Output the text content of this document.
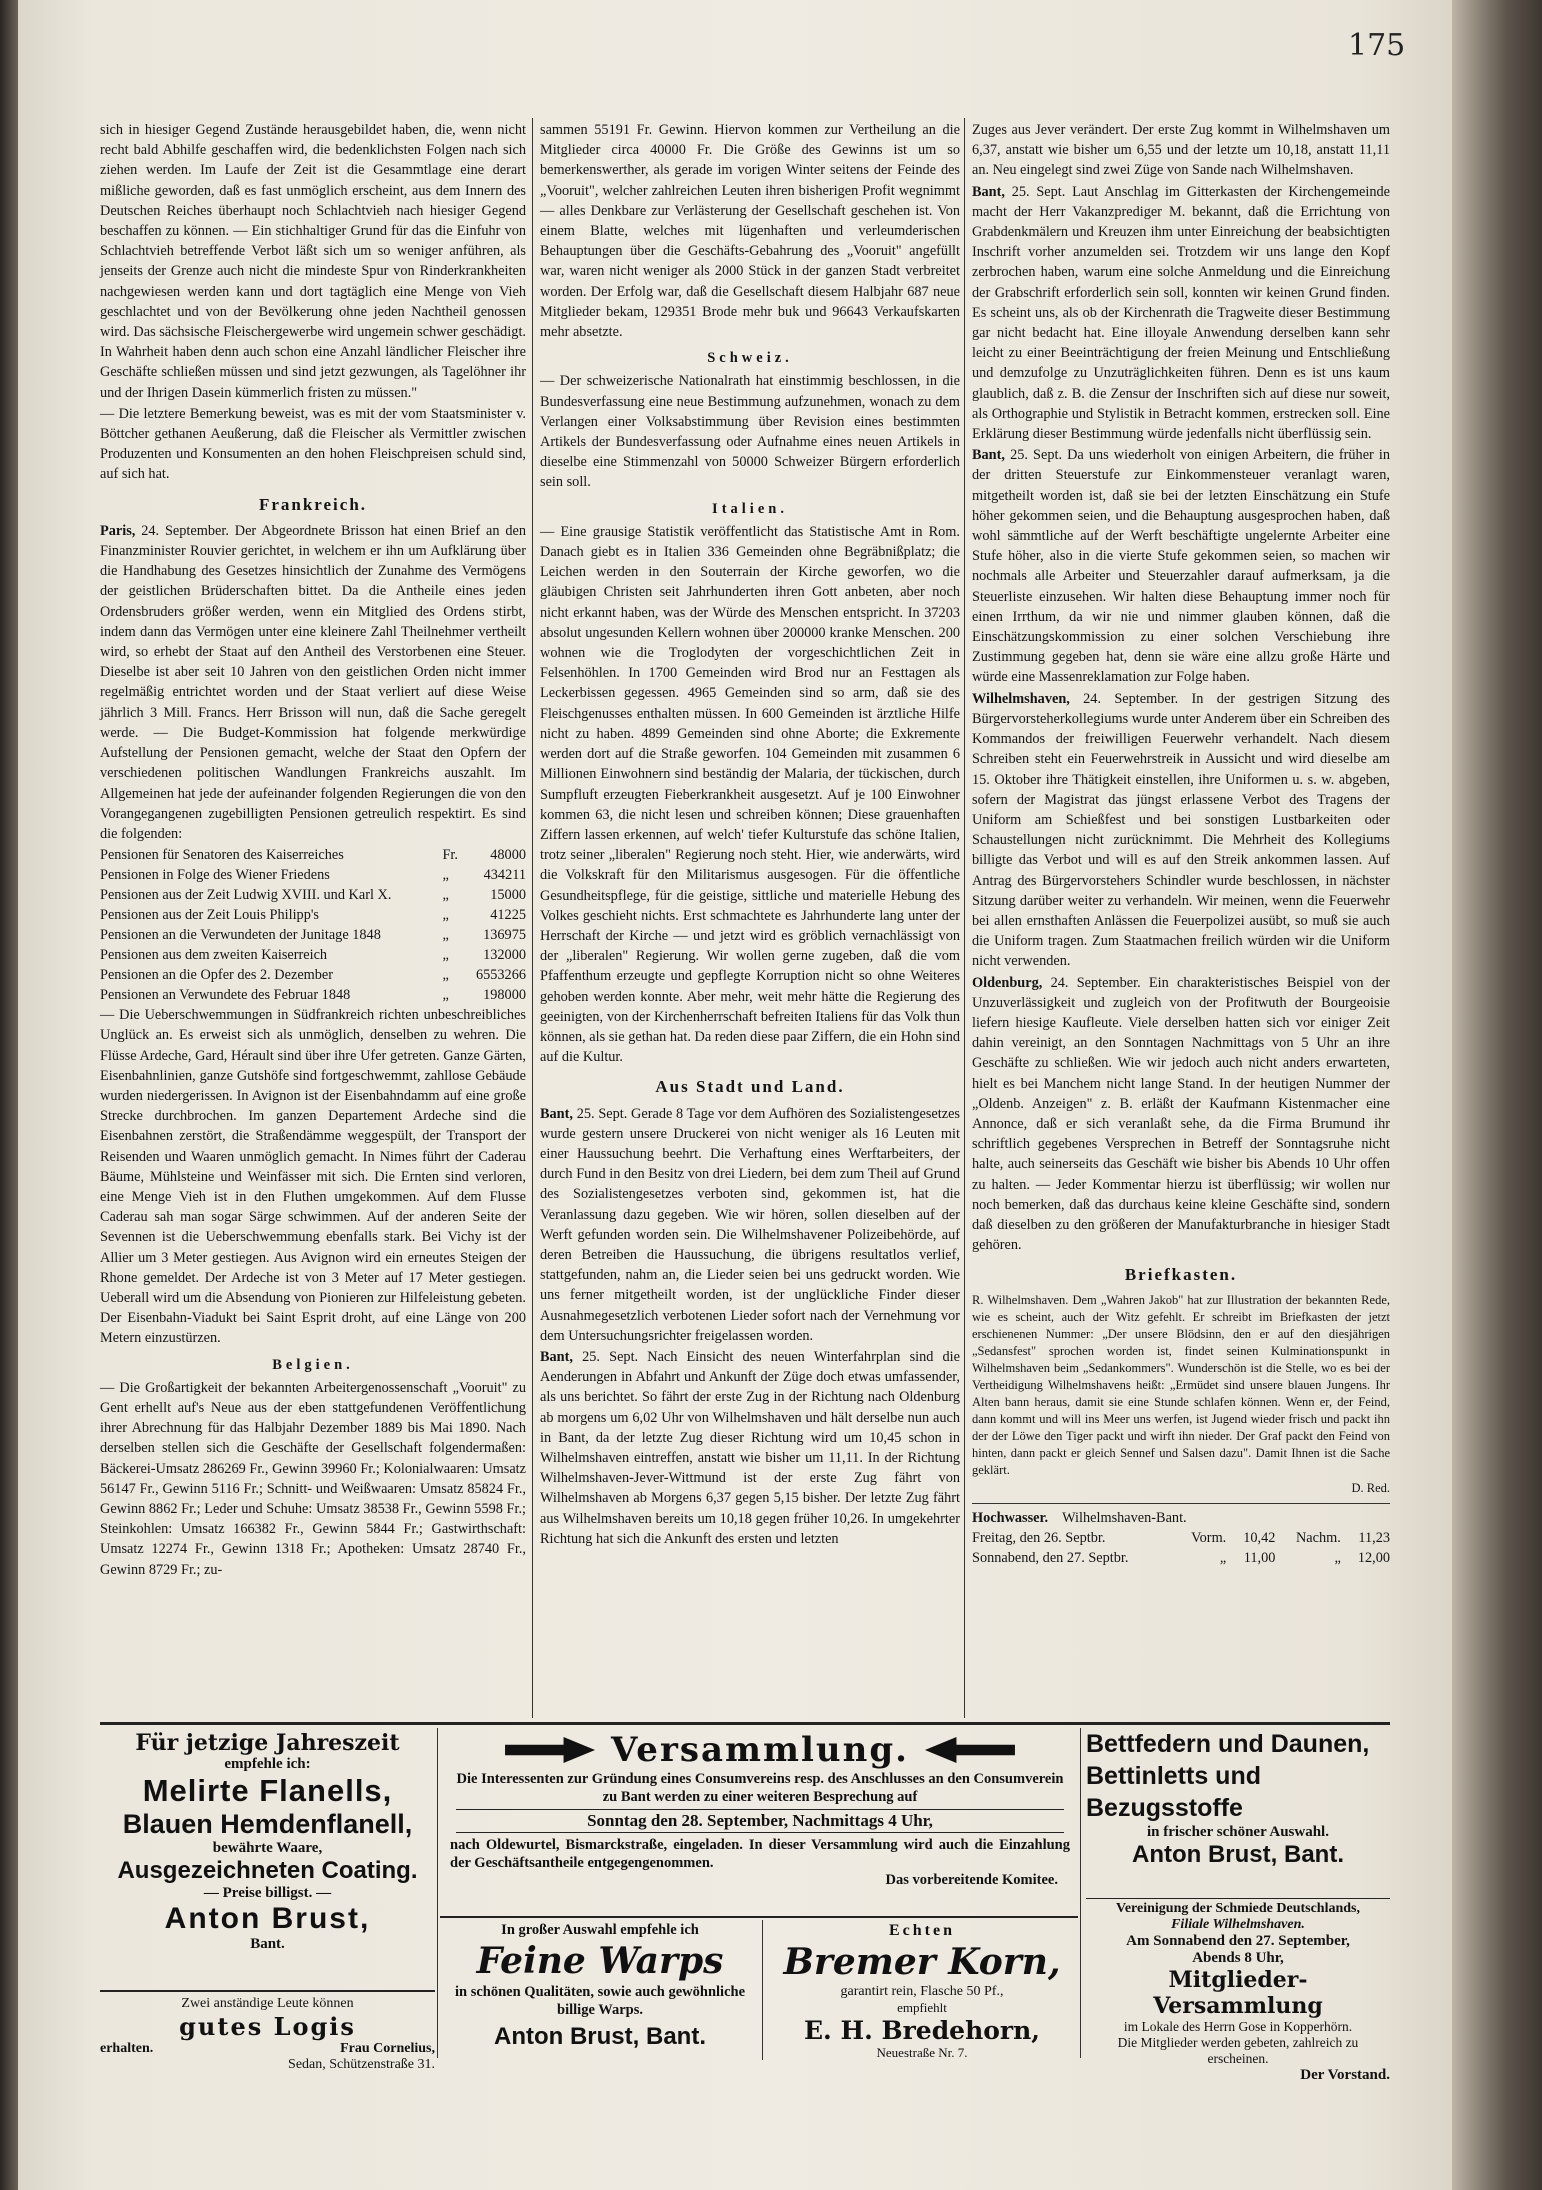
175

sich in hiesiger Gegend Zustände herausgebildet haben, die, wenn nicht recht bald Abhilfe geschaffen wird, die bedenklichsten Folgen nach sich ziehen werden. Im Laufe der Zeit ist die Gesammtlage eine derart mißliche geworden, daß es fast unmöglich erscheint, aus dem Innern des Deutschen Reiches überhaupt noch Schlachtvieh nach hiesiger Gegend beschaffen zu können. — Ein stichhaltiger Grund für das die Einfuhr von Schlachtvieh betreffende Verbot läßt sich um so weniger anführen, als jenseits der Grenze auch nicht die mindeste Spur von Rinderkrankheiten nachgewiesen werden kann und dort tagtäglich eine Menge von Vieh geschlachtet und von der Bevölkerung ohne jeden Nachtheil genossen wird. Das sächsische Fleischergewerbe wird ungemein schwer geschädigt. In Wahrheit haben denn auch schon eine Anzahl ländlicher Fleischer ihre Geschäfte schließen müssen und sind jetzt gezwungen, als Tagelöhner ihr und der Ihrigen Dasein kümmerlich fristen zu müssen."

— Die letztere Bemerkung beweist, was es mit der vom Staatsminister v. Böttcher gethanen Aeußerung, daß die Fleischer als Vermittler zwischen Produzenten und Konsumenten an den hohen Fleischpreisen schuld sind, auf sich hat.

Frankreich.

Paris, 24. September. Der Abgeordnete Brisson hat einen Brief an den Finanzminister Rouvier gerichtet, in welchem er ihn um Aufklärung über die Handhabung des Gesetzes hinsichtlich der Zunahme des Vermögens der geistlichen Brüderschaften bittet. Da die Antheile eines jeden Ordensbruders größer werden, wenn ein Mitglied des Ordens stirbt, indem dann das Vermögen unter eine kleinere Zahl Theilnehmer vertheilt wird, so erhebt der Staat auf den Antheil des Verstorbenen eine Steuer. Dieselbe ist aber seit 10 Jahren von den geistlichen Orden nicht immer regelmäßig entrichtet worden und der Staat verliert auf diese Weise jährlich 3 Mill. Francs. Herr Brisson will nun, daß die Sache geregelt werde. — Die Budget-Kommission hat folgende merkwürdige Aufstellung der Pensionen gemacht, welche der Staat den Opfern der verschiedenen politischen Wandlungen Frankreichs auszahlt. Im Allgemeinen hat jede der aufeinander folgenden Regierungen die von den Vorangegangenen zugebilligten Pensionen getreulich respektirt. Es sind die folgenden:

Pensionen für Senatoren des Kaiserreiches	Fr.	48000
Pensionen in Folge des Wiener Friedens	„	434211
Pensionen aus der Zeit Ludwig XVIII. und Karl X.	„	15000
Pensionen aus der Zeit Louis Philipp's	„	41225
Pensionen an die Verwundeten der Junitage 1848	„	136975
Pensionen aus dem zweiten Kaiserreich	„	132000
Pensionen an die Opfer des 2. Dezember	„	6553266
Pensionen an Verwundete des Februar 1848	„	198000

— Die Ueberschwemmungen in Südfrankreich richten unbeschreibliches Unglück an. Es erweist sich als unmöglich, denselben zu wehren. Die Flüsse Ardeche, Gard, Hérault sind über ihre Ufer getreten. Ganze Gärten, Eisenbahnlinien, ganze Gutshöfe sind fortgeschwemmt, zahllose Gebäude wurden niedergerissen. In Avignon ist der Eisenbahndamm auf eine große Strecke durchbrochen. Im ganzen Departement Ardeche sind die Eisenbahnen zerstört, die Straßendämme weggespült, der Transport der Reisenden und Waaren unmöglich gemacht. In Nimes führt der Caderau Bäume, Mühlsteine und Weinfässer mit sich. Die Ernten sind verloren, eine Menge Vieh ist in den Fluthen umgekommen. Auf dem Flusse Caderau sah man sogar Särge schwimmen. Auf der anderen Seite der Sevennen ist die Ueberschwemmung ebenfalls stark. Bei Vichy ist der Allier um 3 Meter gestiegen. Aus Avignon wird ein erneutes Steigen der Rhone gemeldet. Der Ardeche ist von 3 Meter auf 17 Meter gestiegen. Ueberall wird um die Absendung von Pionieren zur Hilfeleistung gebeten. Der Eisenbahn-Viadukt bei Saint Esprit droht, auf eine Länge von 200 Metern einzustürzen.

Belgien.

— Die Großartigkeit der bekannten Arbeitergenossenschaft „Vooruit" zu Gent erhellt auf's Neue aus der eben stattgefundenen Veröffentlichung ihrer Abrechnung für das Halbjahr Dezember 1889 bis Mai 1890. Nach derselben stellen sich die Geschäfte der Gesellschaft folgendermaßen: Bäckerei-Umsatz 286269 Fr., Gewinn 39960 Fr.; Kolonialwaaren: Umsatz 56147 Fr., Gewinn 5116 Fr.; Schnitt- und Weißwaaren: Umsatz 85824 Fr., Gewinn 8862 Fr.; Leder und Schuhe: Umsatz 38538 Fr., Gewinn 5598 Fr.; Steinkohlen: Umsatz 166382 Fr., Gewinn 5844 Fr.; Gastwirthschaft: Umsatz 12274 Fr., Gewinn 1318 Fr.; Apotheken: Umsatz 28740 Fr., Gewinn 8729 Fr.; zu-

sammen 55191 Fr. Gewinn. Hiervon kommen zur Vertheilung an die Mitglieder circa 40000 Fr. Die Größe des Gewinns ist um so bemerkenswerther, als gerade im vorigen Winter seitens der Feinde des „Vooruit", welcher zahlreichen Leuten ihren bisherigen Profit wegnimmt — alles Denkbare zur Verlästerung der Gesellschaft geschehen ist. Von einem Blatte, welches mit lügenhaften und verleumderischen Behauptungen über die Geschäfts-Gebahrung des „Vooruit" angefüllt war, waren nicht weniger als 2000 Stück in der ganzen Stadt verbreitet worden. Der Erfolg war, daß die Gesellschaft diesem Halbjahr 687 neue Mitglieder bekam, 129351 Brode mehr buk und 96643 Verkaufskarten mehr absetzte.

Schweiz.

— Der schweizerische Nationalrath hat einstimmig beschlossen, in die Bundesverfassung eine neue Bestimmung aufzunehmen, wonach zu dem Verlangen einer Volksabstimmung über Revision eines bestimmten Artikels der Bundesverfassung oder Aufnahme eines neuen Artikels in dieselbe eine Stimmenzahl von 50000 Schweizer Bürgern erforderlich sein soll.

Italien.

— Eine grausige Statistik veröffentlicht das Statistische Amt in Rom. Danach giebt es in Italien 336 Gemeinden ohne Begräbnißplatz; die Leichen werden in den Souterrain der Kirche geworfen, wo die gläubigen Christen seit Jahrhunderten ihren Gott anbeten, aber noch nicht erkannt haben, was der Würde des Menschen entspricht. In 37203 absolut ungesunden Kellern wohnen über 200000 kranke Menschen. 200 wohnen wie die Troglodyten der vorgeschichtlichen Zeit in Felsenhöhlen. In 1700 Gemeinden wird Brod nur an Festtagen als Leckerbissen gegessen. 4965 Gemeinden sind so arm, daß sie des Fleischgenusses enthalten müssen. In 600 Gemeinden ist ärztliche Hilfe nicht zu haben. 4899 Gemeinden sind ohne Aborte; die Exkremente werden dort auf die Straße geworfen. 104 Gemeinden mit zusammen 6 Millionen Einwohnern sind beständig der Malaria, der tückischen, durch Sumpfluft erzeugten Fieberkrankheit ausgesetzt. Auf je 100 Einwohner kommen 63, die nicht lesen und schreiben können; Diese grauenhaften Ziffern lassen erkennen, auf welch' tiefer Kulturstufe das schöne Italien, trotz seiner „liberalen" Regierung noch steht. Hier, wie anderwärts, wird die Volkskraft für den Militarismus ausgesogen. Für die öffentliche Gesundheitspflege, für die geistige, sittliche und materielle Hebung des Volkes geschieht nichts. Erst schmachtete es Jahrhunderte lang unter der Herrschaft der Kirche — und jetzt wird es gröblich vernachlässigt von der „liberalen" Regierung. Wir wollen gerne zugeben, daß die vom Pfaffenthum erzeugte und gepflegte Korruption nicht so ohne Weiteres gehoben werden konnte. Aber mehr, weit mehr hätte die Regierung des geeinigten, von der Kirchenherrschaft befreiten Italiens für das Volk thun können, als sie gethan hat. Da reden diese paar Ziffern, die ein Hohn sind auf die Kultur.

Aus Stadt und Land.

Bant, 25. Sept. Gerade 8 Tage vor dem Aufhören des Sozialistengesetzes wurde gestern unsere Druckerei von nicht weniger als 16 Leuten mit einer Haussuchung beehrt. Die Verhaftung eines Werftarbeiters, der durch Fund in den Besitz von drei Liedern, bei dem zum Theil auf Grund des Sozialistengesetzes verboten sind, gekommen ist, hat die Veranlassung dazu gegeben. Wie wir hören, sollen dieselben auf der Werft gefunden worden sein. Die Wilhelmshavener Polizeibehörde, auf deren Betreiben die Haussuchung, die übrigens resultatlos verlief, stattgefunden, nahm an, die Lieder seien bei uns gedruckt worden. Wie uns ferner mitgetheilt worden, ist der unglückliche Finder dieser Ausnahmegesetzlich verbotenen Lieder sofort nach der Vernehmung vor dem Untersuchungsrichter freigelassen worden.

Bant, 25. Sept. Nach Einsicht des neuen Winterfahrplan sind die Aenderungen in Abfahrt und Ankunft der Züge doch etwas umfassender, als uns berichtet. So fährt der erste Zug in der Richtung nach Oldenburg ab morgens um 6,02 Uhr von Wilhelmshaven und hält derselbe nun auch in Bant, da der letzte Zug dieser Richtung wird um 10,45 schon in Wilhelmshaven eintreffen, anstatt wie bisher um 11,11. In der Richtung Wilhelmshaven-Jever-Wittmund ist der erste Zug fährt von Wilhelmshaven ab Morgens 6,37 gegen 5,15 bisher. Der letzte Zug fährt aus Wilhelmshaven bereits um 10,18 gegen früher 10,26. In umgekehrter Richtung hat sich die Ankunft des ersten und letzten

Zuges aus Jever verändert. Der erste Zug kommt in Wilhelmshaven um 6,37, anstatt wie bisher um 6,55 und der letzte um 10,18, anstatt 11,11 an. Neu eingelegt sind zwei Züge von Sande nach Wilhelmshaven.

Bant, 25. Sept. Laut Anschlag im Gitterkasten der Kirchengemeinde macht der Herr Vakanzprediger M. bekannt, daß die Errichtung von Grabdenkmälern und Kreuzen ihm unter Einreichung der beabsichtigten Inschrift vorher anzumelden sei. Trotzdem wir uns lange den Kopf zerbrochen haben, warum eine solche Anmeldung und die Einreichung der Grabschrift erforderlich sein soll, konnten wir keinen Grund finden. Es scheint uns, als ob der Kirchenrath die Tragweite dieser Bestimmung gar nicht bedacht hat. Eine illoyale Anwendung derselben kann sehr leicht zu einer Beeinträchtigung der freien Meinung und Entschließung und demzufolge zu Unzuträglichkeiten führen. Denn es ist uns kaum glaublich, daß z. B. die Zensur der Inschriften sich auf diese nur soweit, als Orthographie und Stylistik in Betracht kommen, erstrecken soll. Eine Erklärung dieser Bestimmung würde jedenfalls nicht überflüssig sein.

Bant, 25. Sept. Da uns wiederholt von einigen Arbeitern, die früher in der dritten Steuerstufe zur Einkommensteuer veranlagt waren, mitgetheilt worden ist, daß sie bei der letzten Einschätzung ein Stufe höher gekommen seien, und die Behauptung ausgesprochen haben, daß wohl sämmtliche auf der Werft beschäftigte ungelernte Arbeiter eine Stufe höher, also in die vierte Stufe gekommen seien, so machen wir nochmals alle Arbeiter und Steuerzahler darauf aufmerksam, ja die Steuerliste einzusehen. Wir halten diese Behauptung immer noch für einen Irrthum, da wir nie und nimmer glauben können, daß die Einschätzungskommission zu einer solchen Verschiebung ihre Zustimmung gegeben hat, denn sie wäre eine allzu große Härte und würde eine Massenreklamation zur Folge haben.

Wilhelmshaven, 24. September. In der gestrigen Sitzung des Bürgervorsteherkollegiums wurde unter Anderem über ein Schreiben des Kommandos der freiwilligen Feuerwehr verhandelt. Nach diesem Schreiben steht ein Feuerwehrstreik in Aussicht und wird dieselbe am 15. Oktober ihre Thätigkeit einstellen, ihre Uniformen u. s. w. abgeben, sofern der Magistrat das jüngst erlassene Verbot des Tragens der Uniform am Schießfest und bei sonstigen Lustbarkeiten oder Schaustellungen nicht zurücknimmt. Die Mehrheit des Kollegiums billigte das Verbot und will es auf den Streik ankommen lassen. Auf Antrag des Bürgervorstehers Schindler wurde beschlossen, in nächster Sitzung darüber weiter zu verhandeln. Wir meinen, wenn die Feuerwehr bei allen ernsthaften Anlässen die Feuerpolizei ausübt, so muß sie auch die Uniform tragen. Zum Staatmachen freilich würden wir die Uniform nicht verwenden.

Oldenburg, 24. September. Ein charakteristisches Beispiel von der Unzuverlässigkeit und zugleich von der Profitwuth der Bourgeoisie liefern hiesige Kaufleute. Viele derselben hatten sich vor einiger Zeit dahin vereinigt, an den Sonntagen Nachmittags von 5 Uhr an ihre Geschäfte zu schließen. Wie wir jedoch auch nicht anders erwarteten, hielt es bei Manchem nicht lange Stand. In der heutigen Nummer der „Oldenb. Anzeigen" z. B. erläßt der Kaufmann Kistenmacher eine Annonce, daß er sich veranlaßt sehe, da die Firma Brumund ihr schriftlich gegebenes Versprechen in Betreff der Sonntagsruhe nicht halte, auch seinerseits das Geschäft wie bisher bis Abends 10 Uhr offen zu halten. — Jeder Kommentar hierzu ist überflüssig; wir wollen nur noch bemerken, daß das durchaus keine kleine Geschäfte sind, sondern daß dieselben zu den größeren der Manufakturbranche in hiesiger Stadt gehören.

Briefkasten.

R. Wilhelmshaven. Dem „Wahren Jakob" hat zur Illustration der bekannten Rede, wie es scheint, auch der Witz gefehlt. Er schreibt im Briefkasten der jetzt erschienenen Nummer: „Der unsere Blödsinn, den er auf den diesjährigen „Sedansfest" sprochen worden ist, findet seinen Kulminationspunkt in Wilhelmshaven beim „Sedankommers". Wunderschön ist die Stelle, wo es bei der Vertheidigung Wilhelmshavens heißt: „Ermüdet sind unsere blauen Jungens. Ihr Alten bann heraus, damit sie eine Stunde schlafen können. Wenn er, der Feind, dann kommt und will ins Meer uns werfen, ist Jugend wieder frisch und packt ihn der der Löwe den Tiger packt und wirft ihn nieder. Der Graf packt den Feind von hinten, dann packt er gleich Sennef und Salsen dazu". Damit Ihnen ist die Sache geklärt.

D. Red.

Hochwasser. Wilhelmshaven-Bant.
Freitag, den 26. Septbr.	Vorm.	10,42	Nachm.	11,23
Sonnabend, den 27. Septbr.	„	11,00	„	12,00
Für jetzige Jahreszeit
empfehle ich:
Melirte Flanells,
Blauen Hemdenflanell,
bewährte Waare,
Ausgezeichneten Coating.
— Preise billigst. —
Anton Brust,
Bant.
Zwei anständige Leute können
gutes Logis
erhalten.	Frau Cornelius,
Sedan, Schützenstraße 31.
Versammlung.
Die Interessenten zur Gründung eines Consumvereins resp. des Anschlusses an den Consumverein zu Bant werden zu einer weiteren Besprechung auf
Sonntag den 28. September, Nachmittags 4 Uhr,
nach Oldewurtel, Bismarckstraße, eingeladen. In dieser Versammlung wird auch die Einzahlung der Geschäftsantheile entgegengenommen.
Das vorbereitende Komitee.
In großer Auswahl empfehle ich
Feine Warps
in schönen Qualitäten, sowie auch gewöhnliche billige Warps.
Anton Brust, Bant.
Echten
Bremer Korn,
garantirt rein, Flasche 50 Pf.,
empfiehlt
E. H. Bredehorn,
Neuestraße Nr. 7.
Bettfedern und Daunen,
Bettinletts und
Bezugsstoffe
in frischer schöner Auswahl.
Anton Brust, Bant.
Vereinigung der Schmiede Deutschlands,
Filiale Wilhelmshaven.
Am Sonnabend den 27. September,
Abends 8 Uhr,
Mitglieder-Versammlung
im Lokale des Herrn Gose in Kopperhörn.
Die Mitglieder werden gebeten, zahlreich zu erscheinen.
Der Vorstand.
